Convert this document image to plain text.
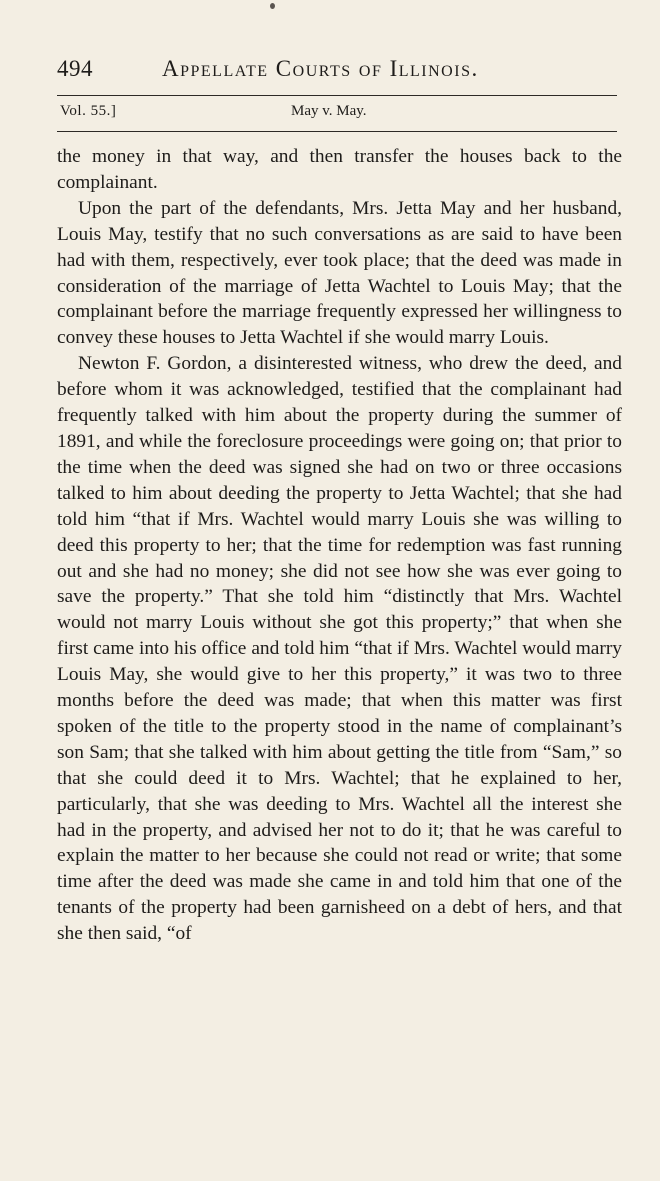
494	Appellate Courts of Illinois.
Vol. 55.]	May v. May.

the money in that way, and then transfer the houses back to the complainant.

Upon the part of the defendants, Mrs. Jetta May and her husband, Louis May, testify that no such conversations as are said to have been had with them, respectively, ever took place; that the deed was made in consideration of the marriage of Jetta Wachtel to Louis May; that the complainant before the marriage frequently expressed her willingness to convey these houses to Jetta Wachtel if she would marry Louis.

Newton F. Gordon, a disinterested witness, who drew the deed, and before whom it was acknowledged, testified that the complainant had frequently talked with him about the property during the summer of 1891, and while the foreclosure proceedings were going on; that prior to the time when the deed was signed she had on two or three occasions talked to him about deeding the property to Jetta Wachtel; that she had told him “that if Mrs. Wachtel would marry Louis she was willing to deed this property to her; that the time for redemption was fast running out and she had no money; she did not see how she was ever going to save the property.” That she told him “distinctly that Mrs. Wachtel would not marry Louis without she got this property;” that when she first came into his office and told him “that if Mrs. Wachtel would marry Louis May, she would give to her this property,” it was two to three months before the deed was made; that when this matter was first spoken of the title to the property stood in the name of complainant’s son Sam; that she talked with him about getting the title from “Sam,” so that she could deed it to Mrs. Wachtel; that he explained to her, particularly, that she was deeding to Mrs. Wachtel all the interest she had in the property, and advised her not to do it; that he was careful to explain the matter to her because she could not read or write; that some time after the deed was made she came in and told him that one of the tenants of the property had been garnisheed on a debt of hers, and that she then said, “of
